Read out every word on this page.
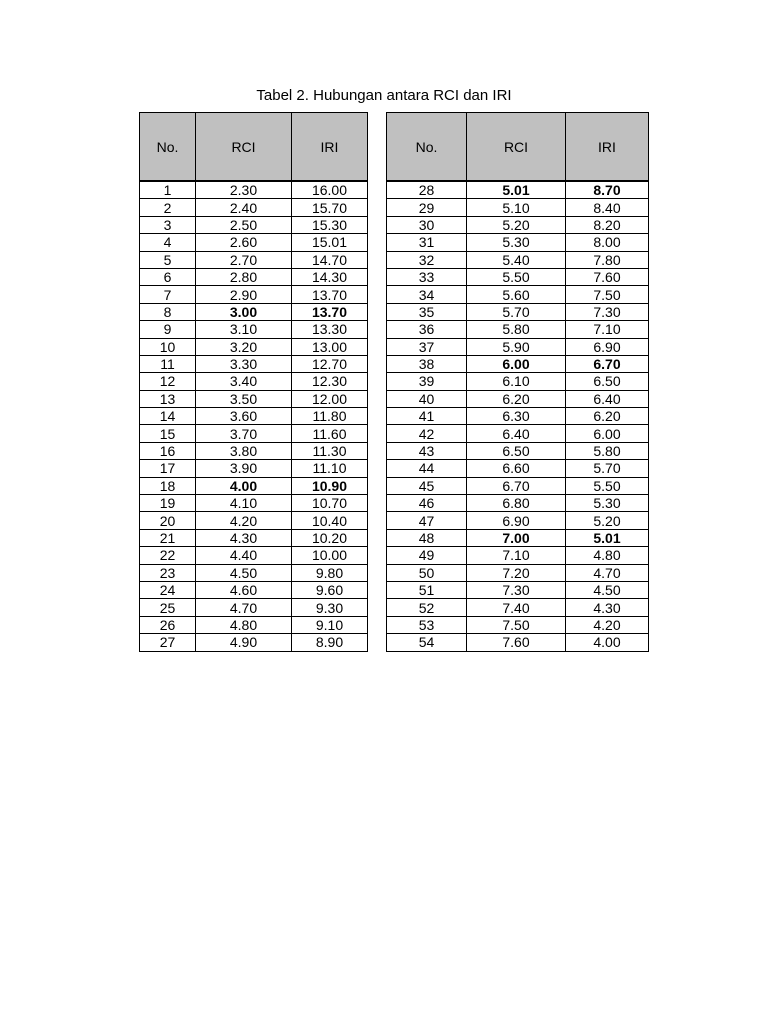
Tabel 2. Hubungan antara RCI dan IRI
No.	RCI	IRI		No.	RCI	IRI
1	2.30	16.00		28	5.01	8.70
2	2.40	15.70		29	5.10	8.40
3	2.50	15.30		30	5.20	8.20
4	2.60	15.01		31	5.30	8.00
5	2.70	14.70		32	5.40	7.80
6	2.80	14.30		33	5.50	7.60
7	2.90	13.70		34	5.60	7.50
8	3.00	13.70		35	5.70	7.30
9	3.10	13.30		36	5.80	7.10
10	3.20	13.00		37	5.90	6.90
11	3.30	12.70		38	6.00	6.70
12	3.40	12.30		39	6.10	6.50
13	3.50	12.00		40	6.20	6.40
14	3.60	11.80		41	6.30	6.20
15	3.70	11.60		42	6.40	6.00
16	3.80	11.30		43	6.50	5.80
17	3.90	11.10		44	6.60	5.70
18	4.00	10.90		45	6.70	5.50
19	4.10	10.70		46	6.80	5.30
20	4.20	10.40		47	6.90	5.20
21	4.30	10.20		48	7.00	5.01
22	4.40	10.00		49	7.10	4.80
23	4.50	9.80		50	7.20	4.70
24	4.60	9.60		51	7.30	4.50
25	4.70	9.30		52	7.40	4.30
26	4.80	9.10		53	7.50	4.20
27	4.90	8.90		54	7.60	4.00
